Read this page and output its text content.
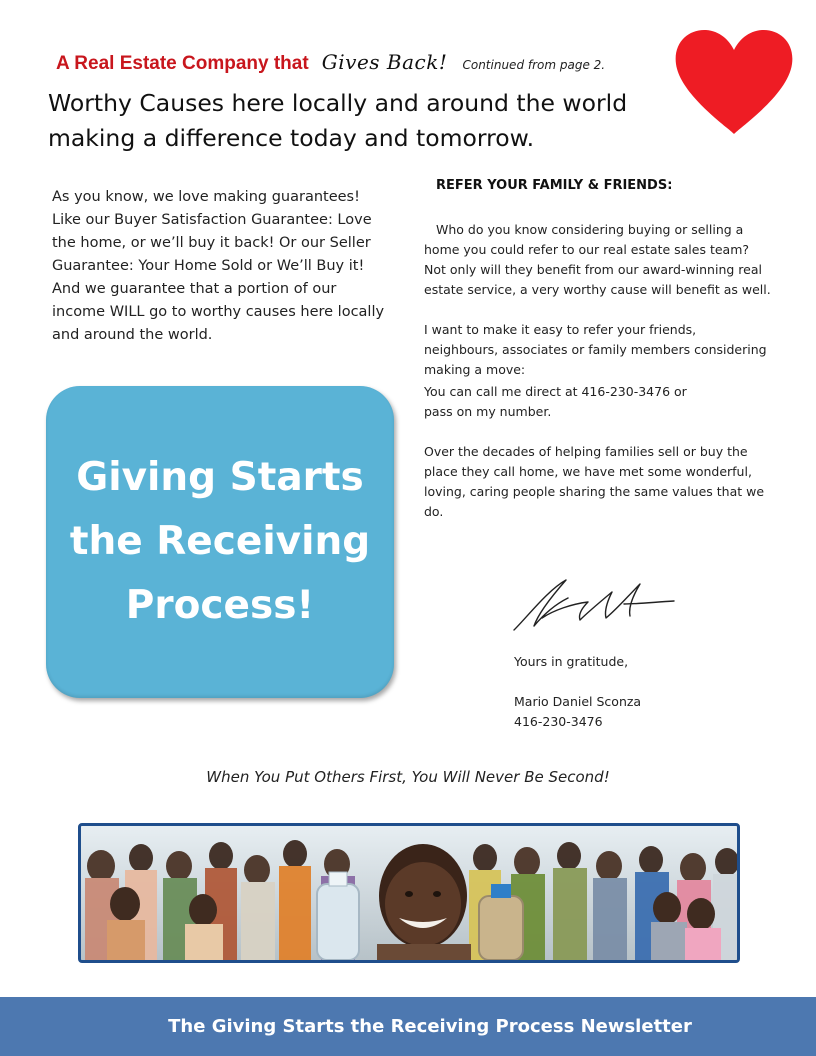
A Real Estate Company that Gives Back! Continued from page 2.
Worthy Causes here locally and around the world making a difference today and tomorrow.

As you know, we love making guarantees! Like our Buyer Satisfaction Guarantee: Love the home, or we’ll buy it back! Or our Seller Guarantee: Your Home Sold or We’ll Buy it! And we guarantee that a portion of our income WILL go to worthy causes here locally and around the world.

Giving Starts the Receiving Process!

REFER YOUR FAMILY & FRIENDS:

Who do you know considering buying or selling a home you could refer to our real estate sales team? Not only will they benefit from our award-winning real estate service, a very worthy cause will benefit as well.

I want to make it easy to refer your friends, neighbours, associates or family members considering making a move:

You can call me direct at 416-230-3476 or

pass on my number.

Over the decades of helping families sell or buy the place they call home, we have met some wonderful, loving, caring people sharing the same values that we do.

Yours in gratitude,
Mario Daniel Sconza
416-230-3476

When You Put Others First, You Will Never Be Second!

The Giving Starts the Receiving Process Newsletter
